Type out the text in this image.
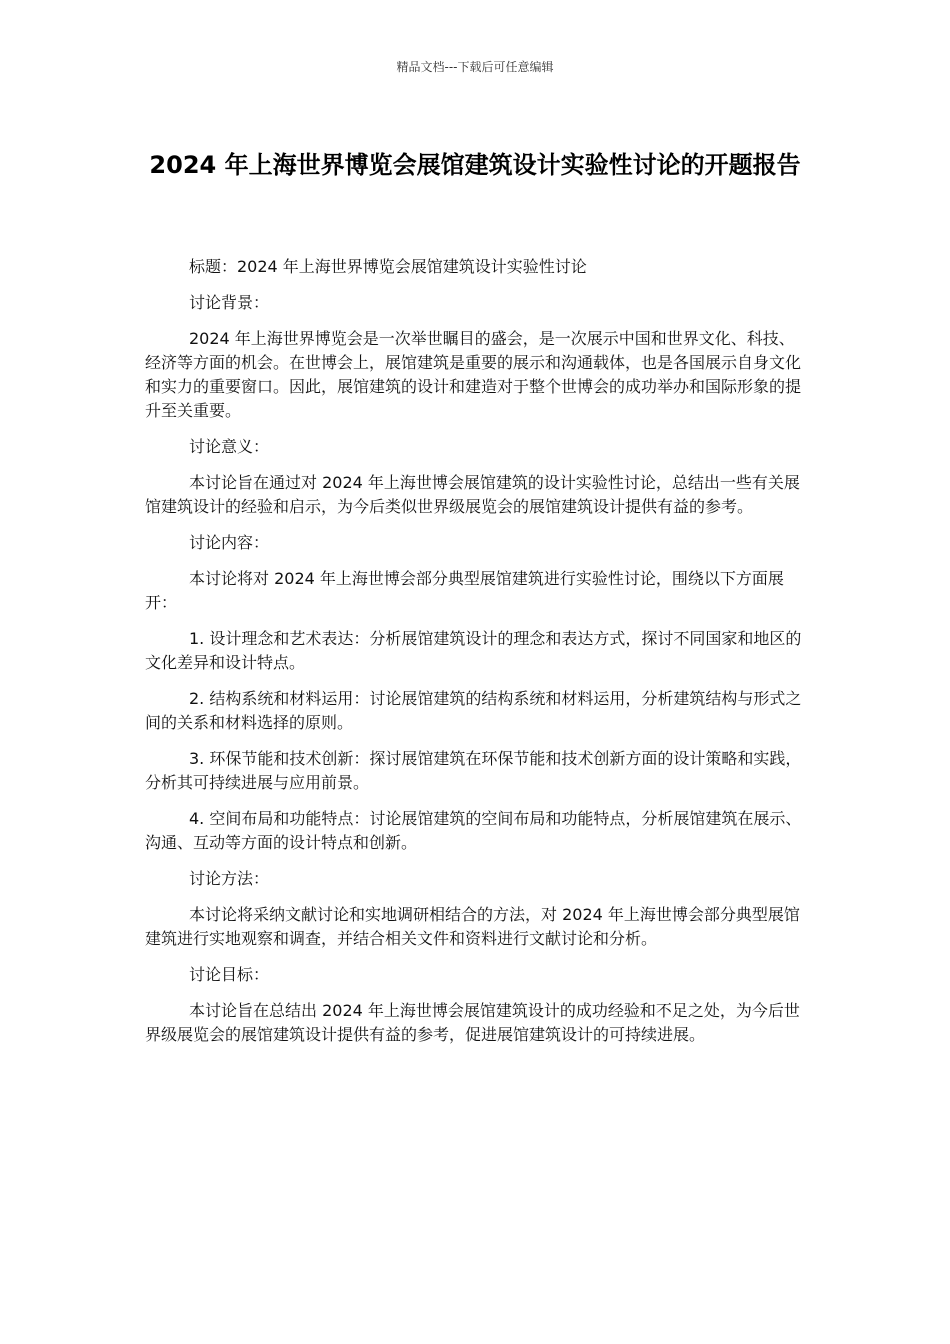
精品文档---下载后可任意编辑
2024 年上海世界博览会展馆建筑设计实验性讨论的开题报告

标题：2024 年上海世界博览会展馆建筑设计实验性讨论

讨论背景：

2024 年上海世界博览会是一次举世瞩目的盛会，是一次展示中国和世界文化、科技、经济等方面的机会。在世博会上，展馆建筑是重要的展示和沟通载体，也是各国展示自身文化和实力的重要窗口。因此，展馆建筑的设计和建造对于整个世博会的成功举办和国际形象的提升至关重要。

讨论意义：

本讨论旨在通过对 2024 年上海世博会展馆建筑的设计实验性讨论，总结出一些有关展馆建筑设计的经验和启示，为今后类似世界级展览会的展馆建筑设计提供有益的参考。

讨论内容：

本讨论将对 2024 年上海世博会部分典型展馆建筑进行实验性讨论，围绕以下方面展开：

1. 设计理念和艺术表达：分析展馆建筑设计的理念和表达方式，探讨不同国家和地区的文化差异和设计特点。

2. 结构系统和材料运用：讨论展馆建筑的结构系统和材料运用，分析建筑结构与形式之间的关系和材料选择的原则。

3. 环保节能和技术创新：探讨展馆建筑在环保节能和技术创新方面的设计策略和实践，分析其可持续进展与应用前景。

4. 空间布局和功能特点：讨论展馆建筑的空间布局和功能特点，分析展馆建筑在展示、沟通、互动等方面的设计特点和创新。

讨论方法：

本讨论将采纳文献讨论和实地调研相结合的方法，对 2024 年上海世博会部分典型展馆建筑进行实地观察和调查，并结合相关文件和资料进行文献讨论和分析。

讨论目标：

本讨论旨在总结出 2024 年上海世博会展馆建筑设计的成功经验和不足之处，为今后世界级展览会的展馆建筑设计提供有益的参考，促进展馆建筑设计的可持续进展。
